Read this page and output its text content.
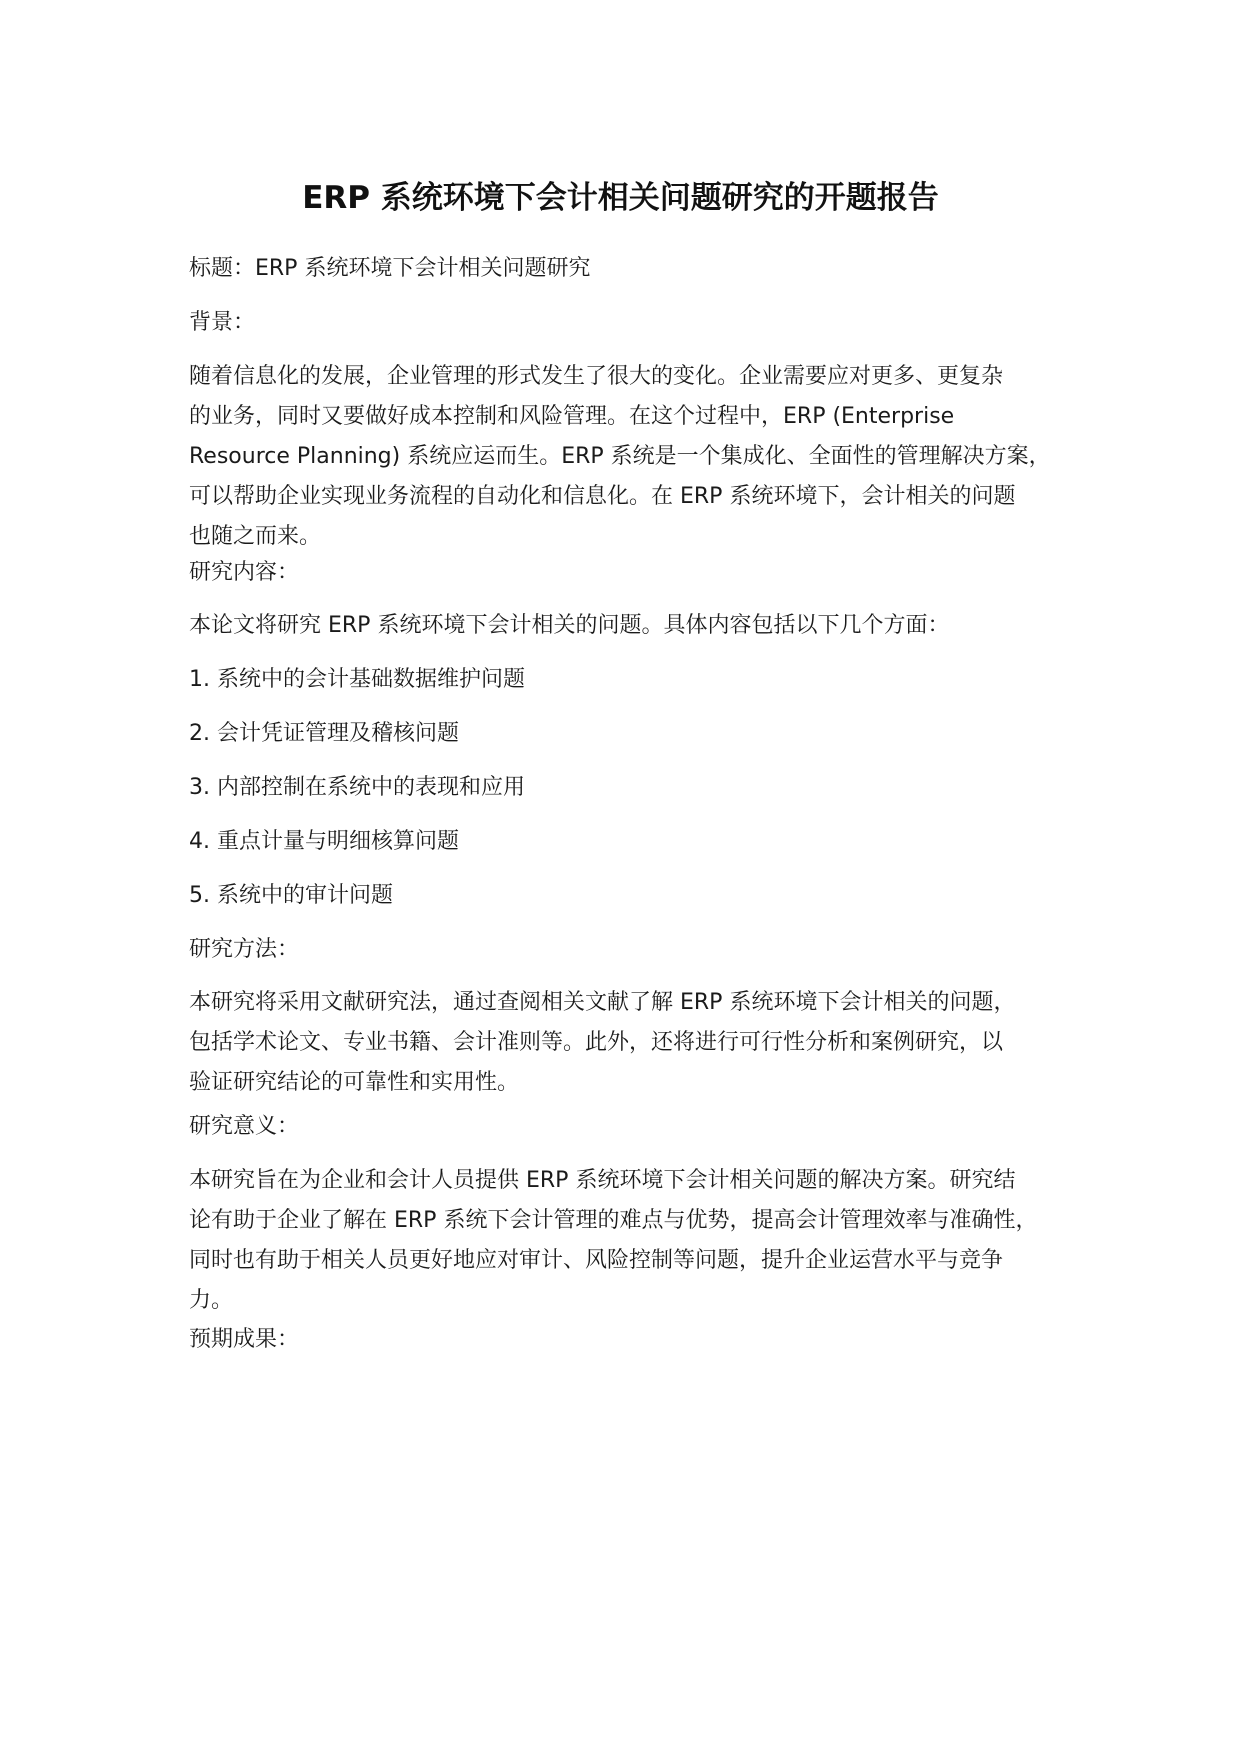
ERP 系统环境下会计相关问题研究的开题报告

标题：ERP 系统环境下会计相关问题研究

背景：

随着信息化的发展，企业管理的形式发生了很大的变化。企业需要应对更多、更复杂
的业务，同时又要做好成本控制和风险管理。在这个过程中，ERP (Enterprise
Resource Planning) 系统应运而生。ERP 系统是一个集成化、全面性的管理解决方案，
可以帮助企业实现业务流程的自动化和信息化。在 ERP 系统环境下，会计相关的问题
也随之而来。

研究内容：

本论文将研究 ERP 系统环境下会计相关的问题。具体内容包括以下几个方面：

1. 系统中的会计基础数据维护问题

2. 会计凭证管理及稽核问题

3. 内部控制在系统中的表现和应用

4. 重点计量与明细核算问题

5. 系统中的审计问题

研究方法：

本研究将采用文献研究法，通过查阅相关文献了解 ERP 系统环境下会计相关的问题，
包括学术论文、专业书籍、会计准则等。此外，还将进行可行性分析和案例研究，以
验证研究结论的可靠性和实用性。

研究意义：

本研究旨在为企业和会计人员提供 ERP 系统环境下会计相关问题的解决方案。研究结
论有助于企业了解在 ERP 系统下会计管理的难点与优势，提高会计管理效率与准确性，
同时也有助于相关人员更好地应对审计、风险控制等问题，提升企业运营水平与竞争
力。

预期成果：
